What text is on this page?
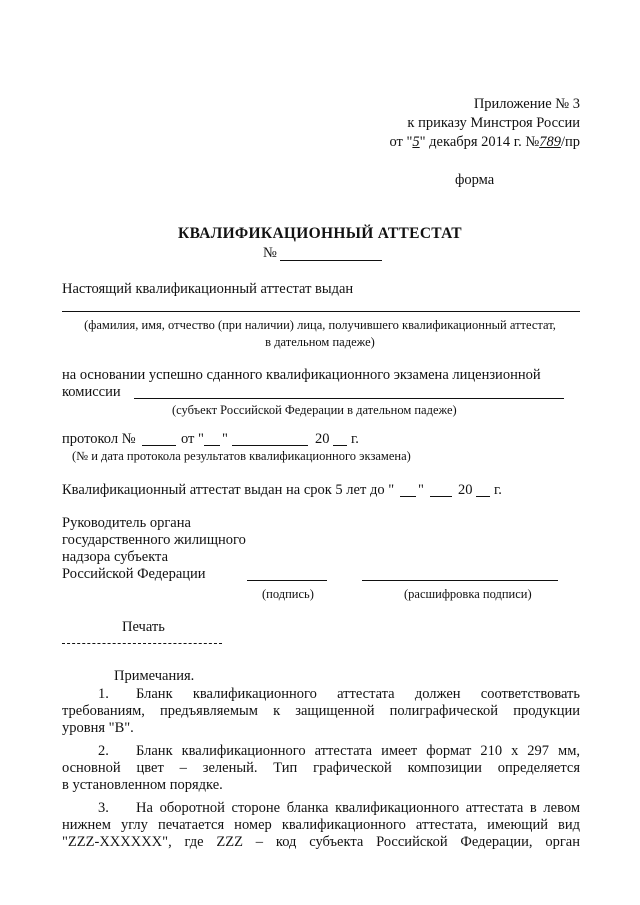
Приложение № 3
к приказу Минстроя России
от "5" декабря 2014 г. №789/пр
форма
КВАЛИФИКАЦИОННЫЙ АТТЕСТАТ
№
Настоящий квалификационный аттестат выдан
(фамилия, имя, отчество (при наличии) лица, получившего квалификационный аттестат,
в дательном падеже)
на основании успешно сданного квалификационного экзамена лицензионной
комиссии
(субъект Российской Федерации в дательном падеже)
протокол №	от " "	20 г.
(№ и дата протокола результатов квалификационного экзамена)
Квалификационный аттестат выдан на срок 5 лет до " " 20 г.
Руководитель органа
государственного жилищного
надзора субъекта
Российской Федерации
(подпись)	(расшифровка подписи)
Печать
Примечания.
1. Бланк квалификационного аттестата должен соответствовать
требованиям, предъявляемым к защищенной полиграфической продукции
уровня "В".
2. Бланк квалификационного аттестата имеет формат 210 x 297 мм,
основной цвет – зеленый. Тип графической композиции определяется
в установленном порядке.
3. На оборотной стороне бланка квалификационного аттестата в левом
нижнем углу печатается номер квалификационного аттестата, имеющий вид
"ZZZ-XXXXXX", где ZZZ – код субъекта Российской Федерации, орган
